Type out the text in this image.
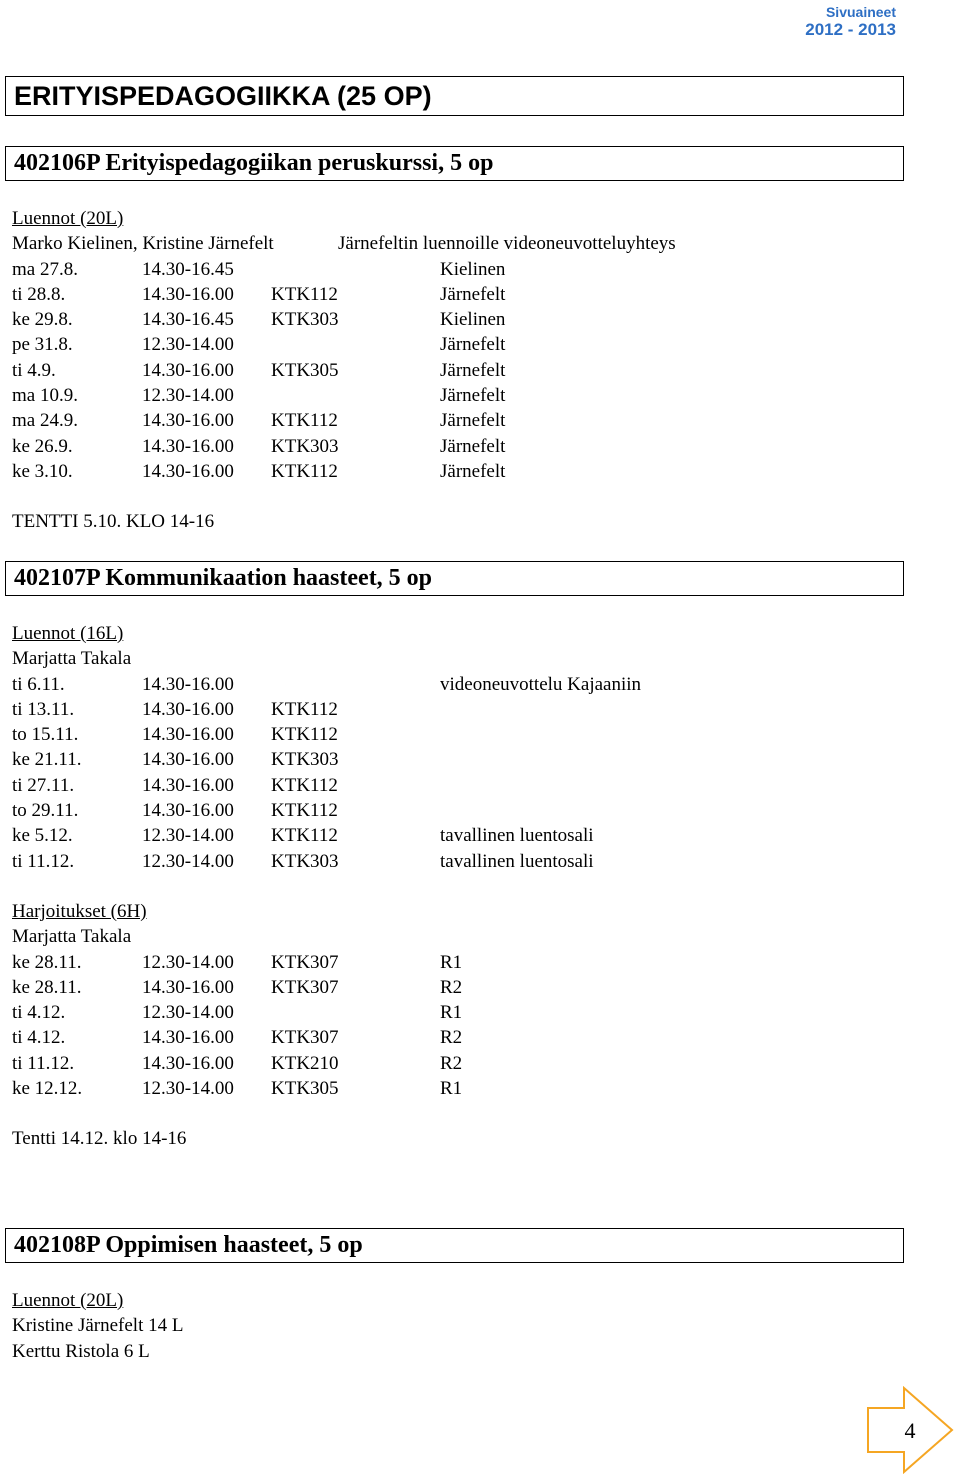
Sivuaineet
2012 - 2013
ERITYISPEDAGOGIIKKA (25 OP)
402106P Erityispedagogiikan peruskurssi, 5 op
Luennot (20L)
Marko Kielinen, Kristine Järnefelt	Järnefeltin luennoille videoneuvotteluyhteys
ma 27.8.	14.30-16.45	Kielinen
ti 28.8.	14.30-16.00 KTK112	Järnefelt
ke 29.8.	14.30-16.45 KTK303	Kielinen
pe 31.8.	12.30-14.00	Järnefelt
ti 4.9.	14.30-16.00 KTK305	Järnefelt
ma 10.9.	12.30-14.00	Järnefelt
ma 24.9.	14.30-16.00 KTK112	Järnefelt
ke 26.9.	14.30-16.00 KTK303	Järnefelt
ke 3.10.	14.30-16.00 KTK112	Järnefelt
TENTTI 5.10. KLO 14-16
402107P Kommunikaation haasteet, 5 op
Luennot (16L)
Marjatta Takala
ti 6.11.	14.30-16.00	videoneuvottelu Kajaaniin
ti 13.11.	14.30-16.00 KTK112
to 15.11.	14.30-16.00 KTK112
ke 21.11.	14.30-16.00 KTK303
ti 27.11.	14.30-16.00 KTK112
to 29.11.	14.30-16.00 KTK112
ke 5.12.	12.30-14.00 KTK112	tavallinen luentosali
ti 11.12.	12.30-14.00 KTK303	tavallinen luentosali
Harjoitukset (6H)
Marjatta Takala
ke 28.11.	12.30-14.00 KTK307	R1
ke 28.11.	14.30-16.00 KTK307	R2
ti 4.12.	12.30-14.00	R1
ti 4.12.	14.30-16.00 KTK307	R2
ti 11.12.	14.30-16.00 KTK210	R2
ke 12.12.	12.30-14.00 KTK305	R1
Tentti 14.12. klo 14-16
402108P Oppimisen haasteet, 5 op
Luennot (20L)
Kristine Järnefelt 14 L
Kerttu Ristola 6 L
4
